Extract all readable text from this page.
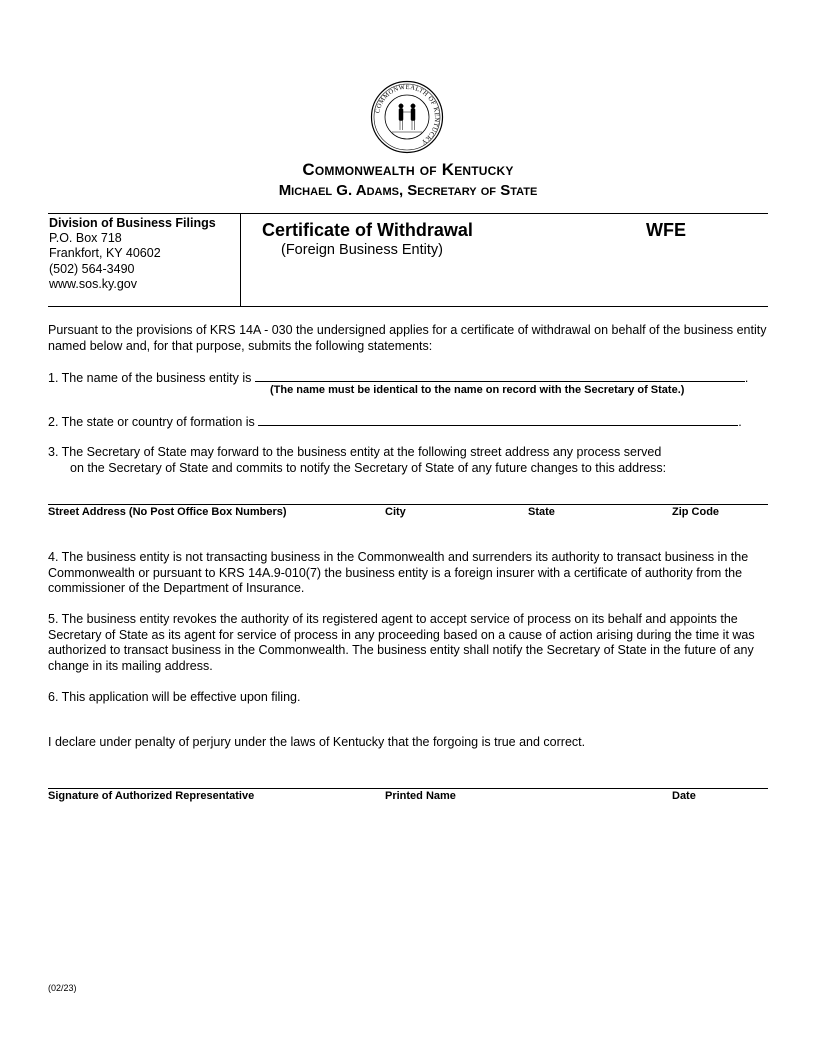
COMMONWEALTH OF KENTUCKY
Commonwealth of Kentucky
Michael G. Adams, Secretary of State
Division of Business Filings
P.O. Box 718
Frankfort, KY 40602
(502) 564-3490
www.sos.ky.gov
Certificate of Withdrawal
(Foreign Business Entity)
WFE
Pursuant to the provisions of KRS 14A - 030 the undersigned applies for a certificate of withdrawal on behalf of the business entity named below and, for that purpose, submits the following statements:
1. The name of the business entity is	.
(The name must be identical to the name on record with the Secretary of State.)
2. The state or country of formation is	.
3. The Secretary of State may forward to the business entity at the following street address any process served
on the Secretary of State and commits to notify the Secretary of State of any future changes to this address:
Street Address (No Post Office Box Numbers)	City	State	Zip Code
4. The business entity is not transacting business in the Commonwealth and surrenders its authority to transact business in the Commonwealth or pursuant to KRS 14A.9-010(7) the business entity is a foreign insurer with a certificate of authority from the commissioner of the Department of Insurance.
5. The business entity revokes the authority of its registered agent to accept service of process on its behalf and appoints the Secretary of State as its agent for service of process in any proceeding based on a cause of action arising during the time it was authorized to transact business in the Commonwealth. The business entity shall notify the Secretary of State in the future of any change in its mailing address.
6. This application will be effective upon filing.
I declare under penalty of perjury under the laws of Kentucky that the forgoing is true and correct.
Signature of Authorized Representative	Printed Name	Date
(02/23)
